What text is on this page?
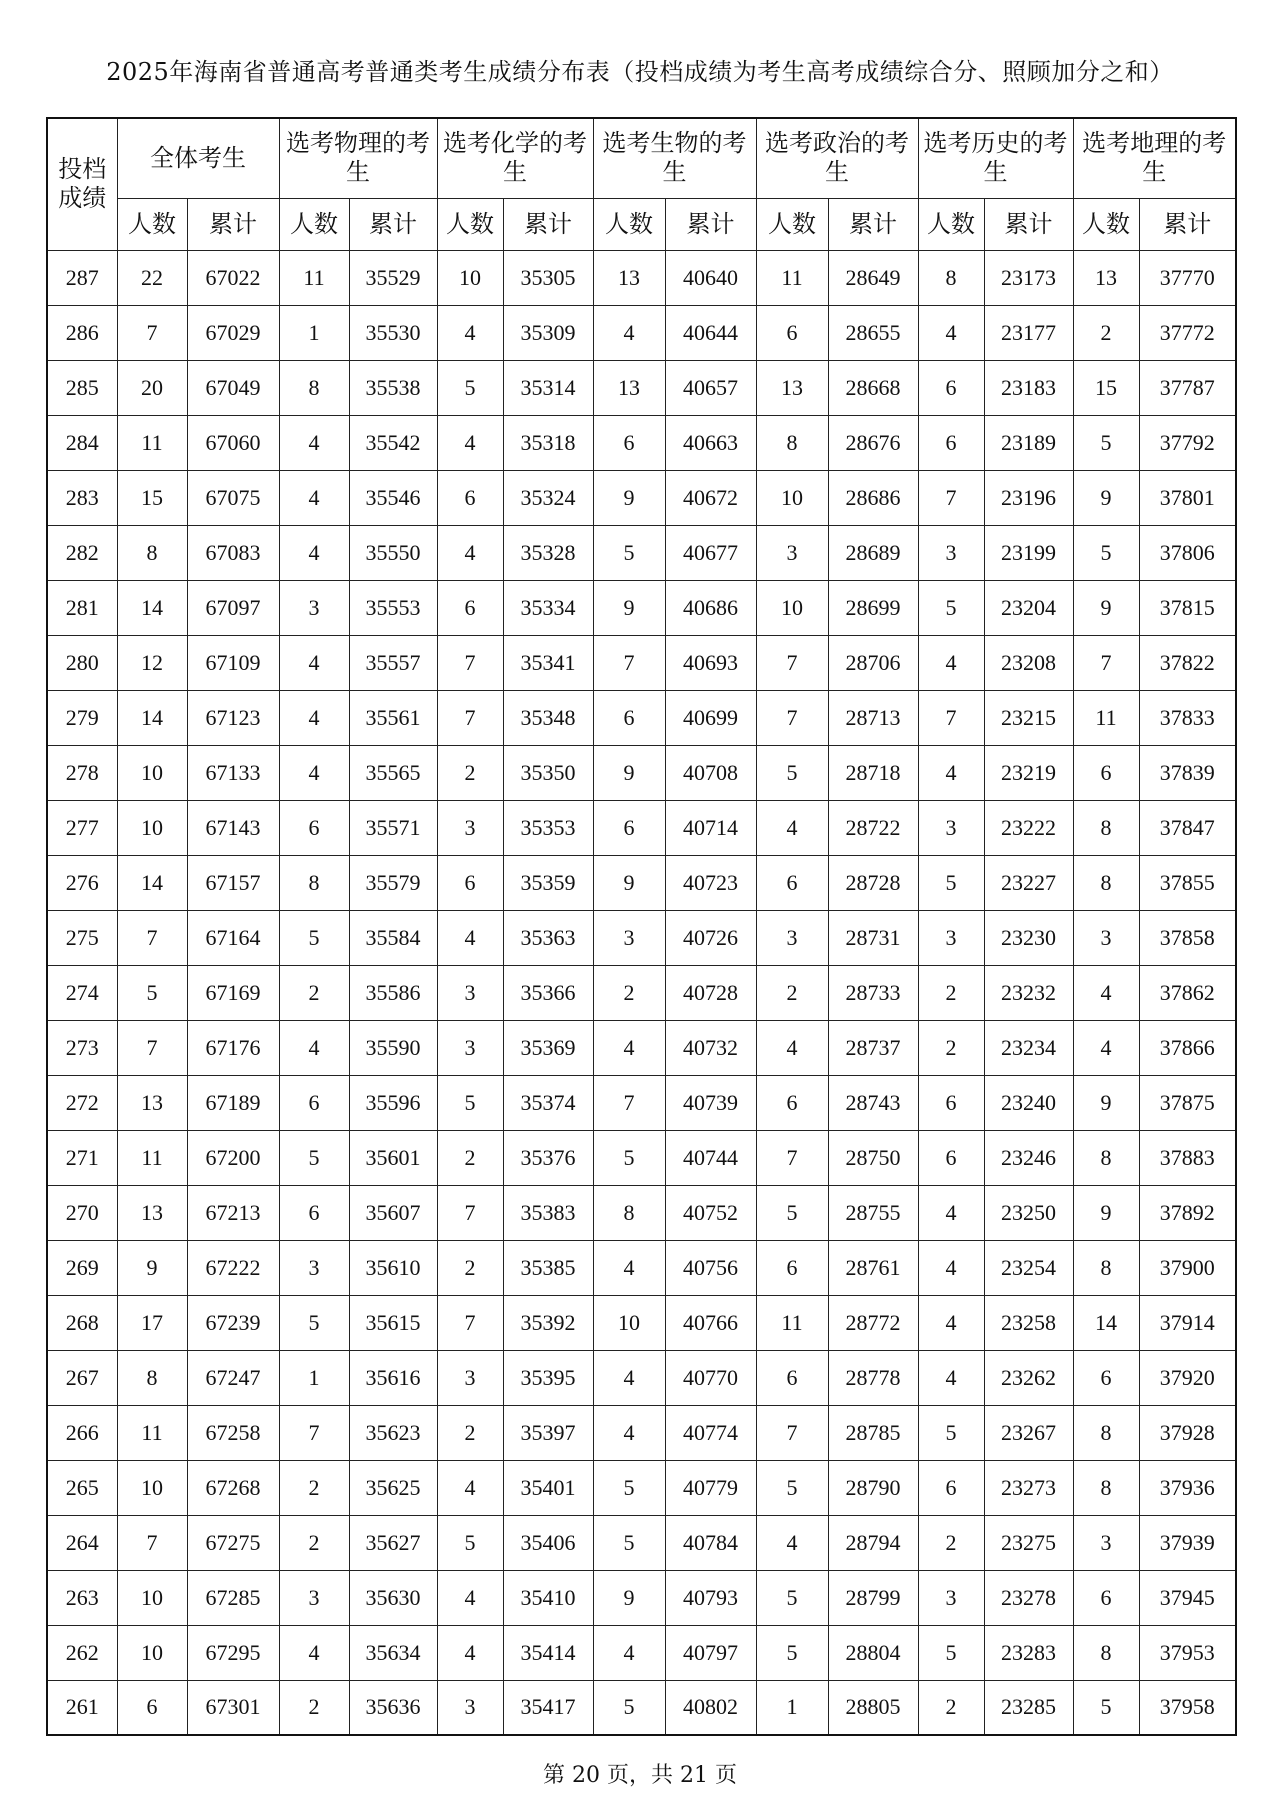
2025年海南省普通高考普通类考生成绩分布表（投档成绩为考生高考成绩综合分、照顾加分之和）
投档成绩	全体考生		选考物理的考生		选考化学的考生		选考生物的考生		选考政治的考生		选考历史的考生		选考地理的考生	
	人数	累计	人数	累计	人数	累计	人数	累计	人数	累计	人数	累计	人数	累计
287	22	67022	11	35529	10	35305	13	40640	11	28649	8	23173	13	37770
286	7	67029	1	35530	4	35309	4	40644	6	28655	4	23177	2	37772
285	20	67049	8	35538	5	35314	13	40657	13	28668	6	23183	15	37787
284	11	67060	4	35542	4	35318	6	40663	8	28676	6	23189	5	37792
283	15	67075	4	35546	6	35324	9	40672	10	28686	7	23196	9	37801
282	8	67083	4	35550	4	35328	5	40677	3	28689	3	23199	5	37806
281	14	67097	3	35553	6	35334	9	40686	10	28699	5	23204	9	37815
280	12	67109	4	35557	7	35341	7	40693	7	28706	4	23208	7	37822
279	14	67123	4	35561	7	35348	6	40699	7	28713	7	23215	11	37833
278	10	67133	4	35565	2	35350	9	40708	5	28718	4	23219	6	37839
277	10	67143	6	35571	3	35353	6	40714	4	28722	3	23222	8	37847
276	14	67157	8	35579	6	35359	9	40723	6	28728	5	23227	8	37855
275	7	67164	5	35584	4	35363	3	40726	3	28731	3	23230	3	37858
274	5	67169	2	35586	3	35366	2	40728	2	28733	2	23232	4	37862
273	7	67176	4	35590	3	35369	4	40732	4	28737	2	23234	4	37866
272	13	67189	6	35596	5	35374	7	40739	6	28743	6	23240	9	37875
271	11	67200	5	35601	2	35376	5	40744	7	28750	6	23246	8	37883
270	13	67213	6	35607	7	35383	8	40752	5	28755	4	23250	9	37892
269	9	67222	3	35610	2	35385	4	40756	6	28761	4	23254	8	37900
268	17	67239	5	35615	7	35392	10	40766	11	28772	4	23258	14	37914
267	8	67247	1	35616	3	35395	4	40770	6	28778	4	23262	6	37920
266	11	67258	7	35623	2	35397	4	40774	7	28785	5	23267	8	37928
265	10	67268	2	35625	4	35401	5	40779	5	28790	6	23273	8	37936
264	7	67275	2	35627	5	35406	5	40784	4	28794	2	23275	3	37939
263	10	67285	3	35630	4	35410	9	40793	5	28799	3	23278	6	37945
262	10	67295	4	35634	4	35414	4	40797	5	28804	5	23283	8	37953
261	6	67301	2	35636	3	35417	5	40802	1	28805	2	23285	5	37958
第 20 页，共 21 页
